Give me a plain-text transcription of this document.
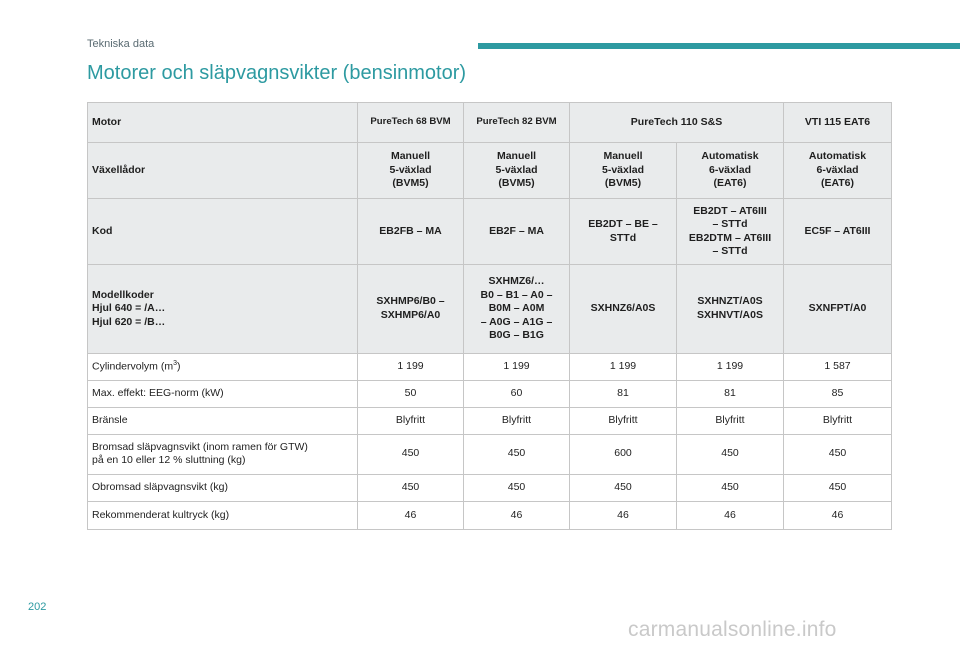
Tekniska data
Motorer och släpvagnsvikter (bensinmotor)
Motor	PureTech 68 BVM	PureTech 82 BVM	PureTech 110 S&S		VTI 115 EAT6

Växellådor	Manuell
5-växlad
(BVM5)	Manuell
5-växlad
(BVM5)	Manuell
5-växlad
(BVM5)	Automatisk
6-växlad
(EAT6)	Automatisk
6-växlad
(EAT6)

Kod	EB2FB – MA	EB2F – MA	EB2DT – BE –
STTd	EB2DT – AT6III
– STTd
EB2DTM – AT6III
– STTd	EC5F – AT6III

Modellkoder
Hjul 640 = /A…
Hjul 620 = /B…	SXHMP6/B0 –
SXHMP6/A0	SXHMZ6/…
B0 – B1 – A0 –
B0M – A0M
– A0G – A1G –
B0G – B1G	SXHNZ6/A0S	SXHNZT/A0S
SXHNVT/A0S	SXNFPT/A0

Cylindervolym $(m^3)$	1 199	1 199	1 199	1 199	1 587
Max. effekt: EEG-norm (kW)	50	60	81	81	85
Bränsle	Blyfritt	Blyfritt	Blyfritt	Blyfritt	Blyfritt

Bromsad släpvagnsvikt (inom ramen för GTW)
på en 10 eller 12 % sluttning (kg)	450	450	600	450	450
Obromsad släpvagnsvikt (kg)	450	450	450	450	450
Rekommenderat kultryck (kg)	46	46	46	46	46
202
carmanualsonline.info
